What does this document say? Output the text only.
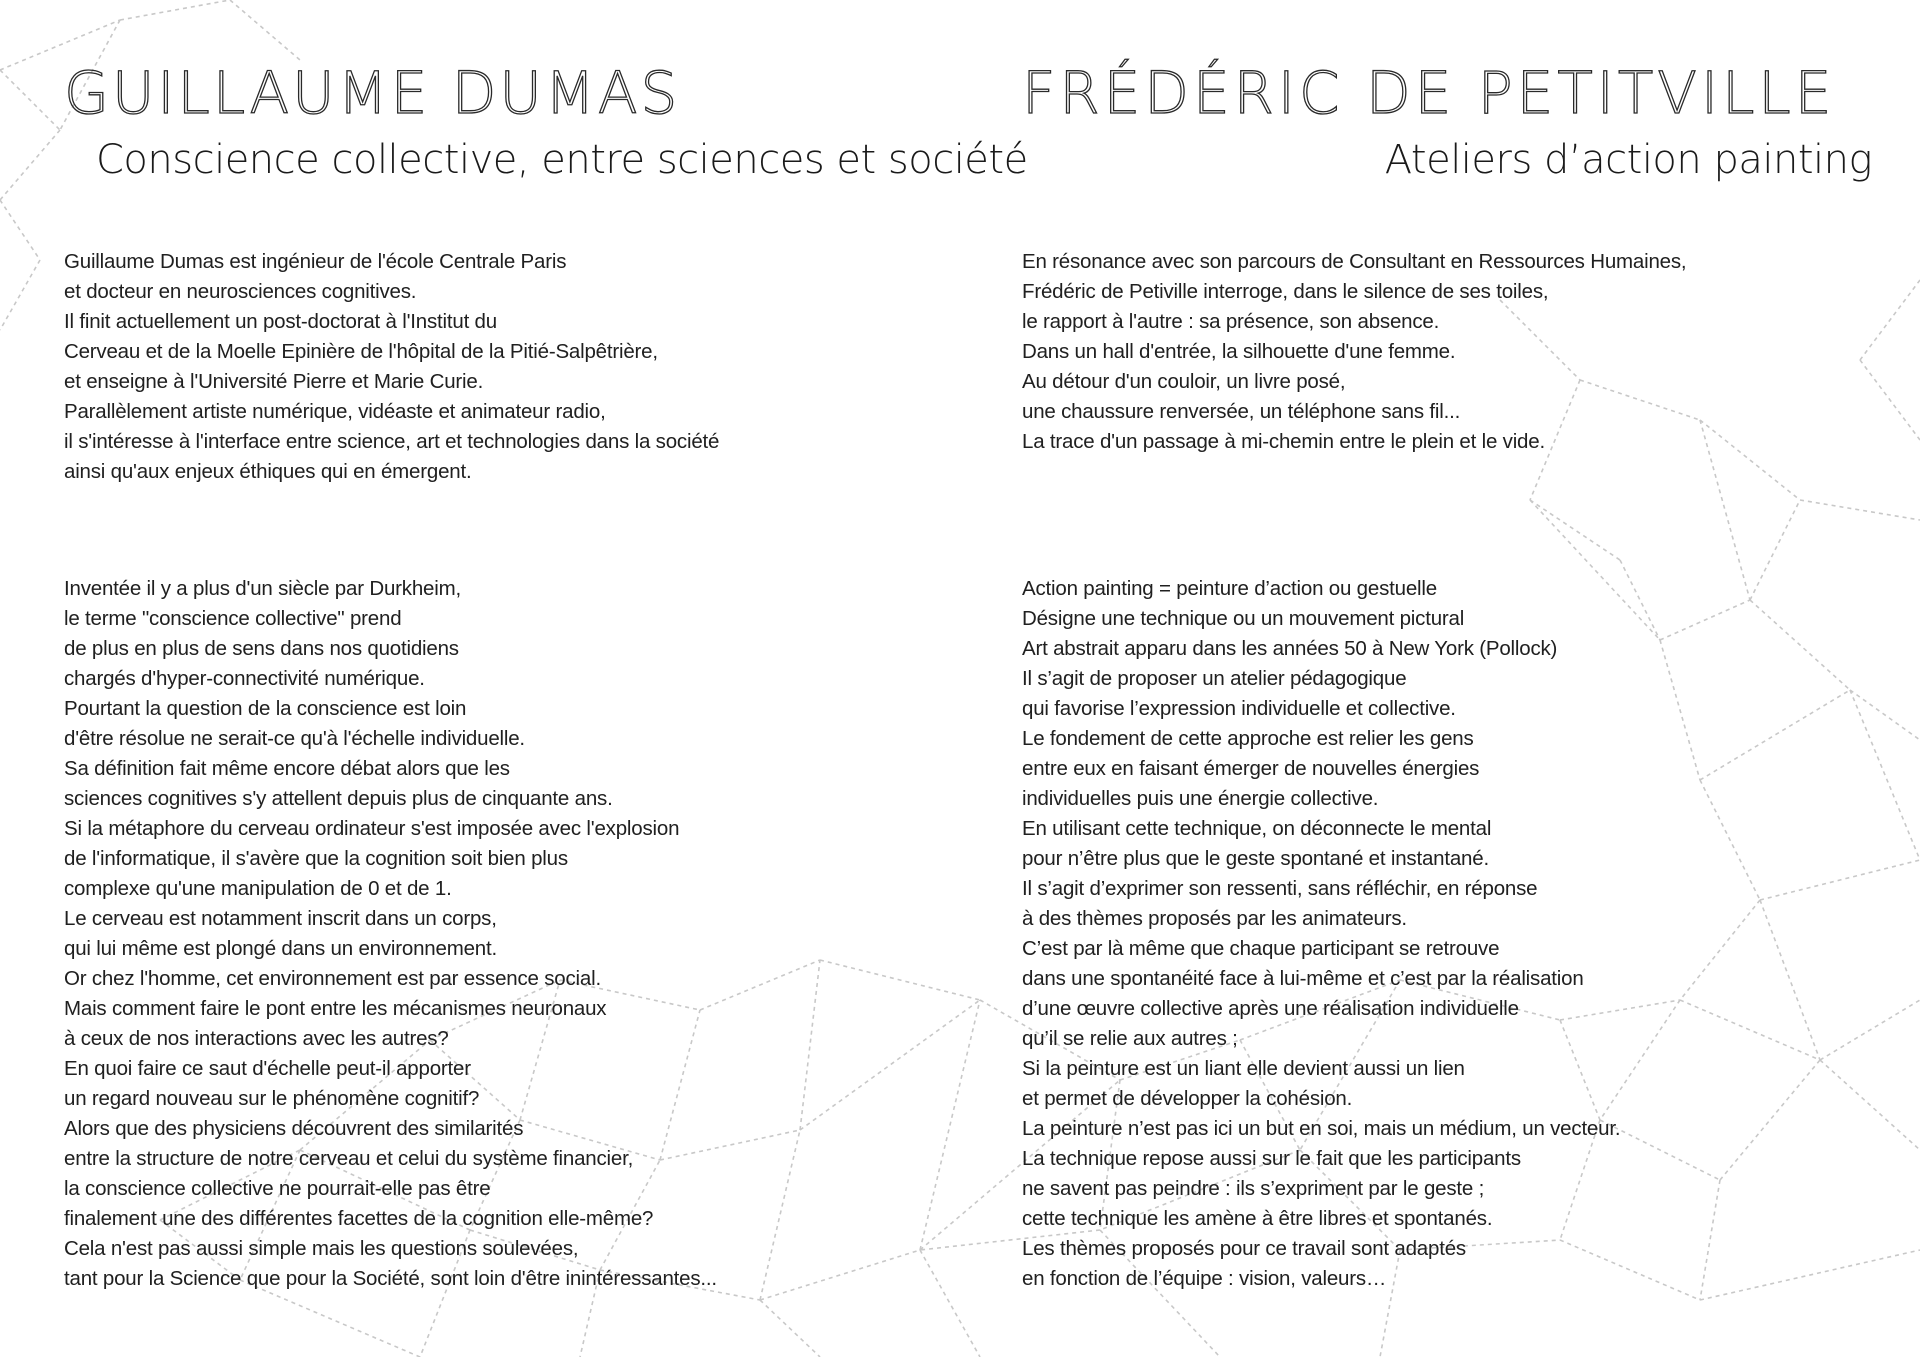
GUILLAUME DUMAS
Conscience collective, entre sciences et société
Guillaume Dumas est ingénieur de l'école Centrale Paris
et docteur en neurosciences cognitives.
Il finit actuellement un post-doctorat à l'Institut du
Cerveau et de la Moelle Epinière de l'hôpital de la Pitié-Salpêtrière,
et enseigne à l'Université Pierre et Marie Curie.
Parallèlement artiste numérique, vidéaste et animateur radio,
il s'intéresse à l'interface entre science, art et technologies dans la société
ainsi qu'aux enjeux éthiques qui en émergent.
Inventée il y a plus d'un siècle par Durkheim,
le terme "conscience collective" prend
de plus en plus de sens dans nos quotidiens
chargés d'hyper-connectivité numérique.
Pourtant la question de la conscience est loin
d'être résolue ne serait-ce qu'à l'échelle individuelle.
Sa définition fait même encore débat alors que les
sciences cognitives s'y attellent depuis plus de cinquante ans.
Si la métaphore du cerveau ordinateur s'est imposée avec l'explosion
de l'informatique, il s'avère que la cognition soit bien plus
complexe qu'une manipulation de 0 et de 1.
Le cerveau est notamment inscrit dans un corps,
qui lui même est plongé dans un environnement.
Or chez l'homme, cet environnement est par essence social.
Mais comment faire le pont entre les mécanismes neuronaux
à ceux de nos interactions avec les autres?
En quoi faire ce saut d'échelle peut-il apporter
un regard nouveau sur le phénomène cognitif?
Alors que des physiciens découvrent des similarités
entre la structure de notre cerveau et celui du système financier,
la conscience collective ne pourrait-elle pas être
finalement une des différentes facettes de la cognition elle-même?
Cela n'est pas aussi simple mais les questions soulevées,
tant pour la Science que pour la Société, sont loin d'être inintéressantes...
FRÉDÉRIC DE PETITVILLE
Ateliers d’action painting
En résonance avec son parcours de Consultant en Ressources Humaines,
Frédéric de Petiville interroge, dans le silence de ses toiles,
le rapport à l'autre : sa présence, son absence.
Dans un hall d'entrée, la silhouette d'une femme.
Au détour d'un couloir, un livre posé,
une chaussure renversée, un téléphone sans fil...
La trace d'un passage à mi-chemin entre le plein et le vide.
Action painting = peinture d’action ou gestuelle
Désigne une technique ou un mouvement pictural
Art abstrait apparu dans les années 50 à New York (Pollock)
Il s’agit de proposer un atelier pédagogique
qui favorise l’expression individuelle et collective.
Le fondement de cette approche est relier les gens
entre eux en faisant émerger de nouvelles énergies
individuelles puis une énergie collective.
En utilisant cette technique, on déconnecte le mental
pour n’être plus que le geste spontané et instantané.
Il s’agit d’exprimer son ressenti, sans réfléchir, en réponse
à des thèmes proposés par les animateurs.
C’est par là même que chaque participant se retrouve
dans une spontanéité face à lui-même et c’est par la réalisation
d’une œuvre collective après une réalisation individuelle
qu’il se relie aux autres ;
Si la peinture est un liant elle devient aussi un lien
et permet de développer la cohésion.
La peinture n’est pas ici un but en soi, mais un médium, un vecteur.
La technique repose aussi sur le fait que les participants
ne savent pas peindre : ils s’expriment par le geste ;
cette technique les amène à être libres et spontanés.
Les thèmes proposés pour ce travail sont adaptés
en fonction de l’équipe : vision, valeurs…
